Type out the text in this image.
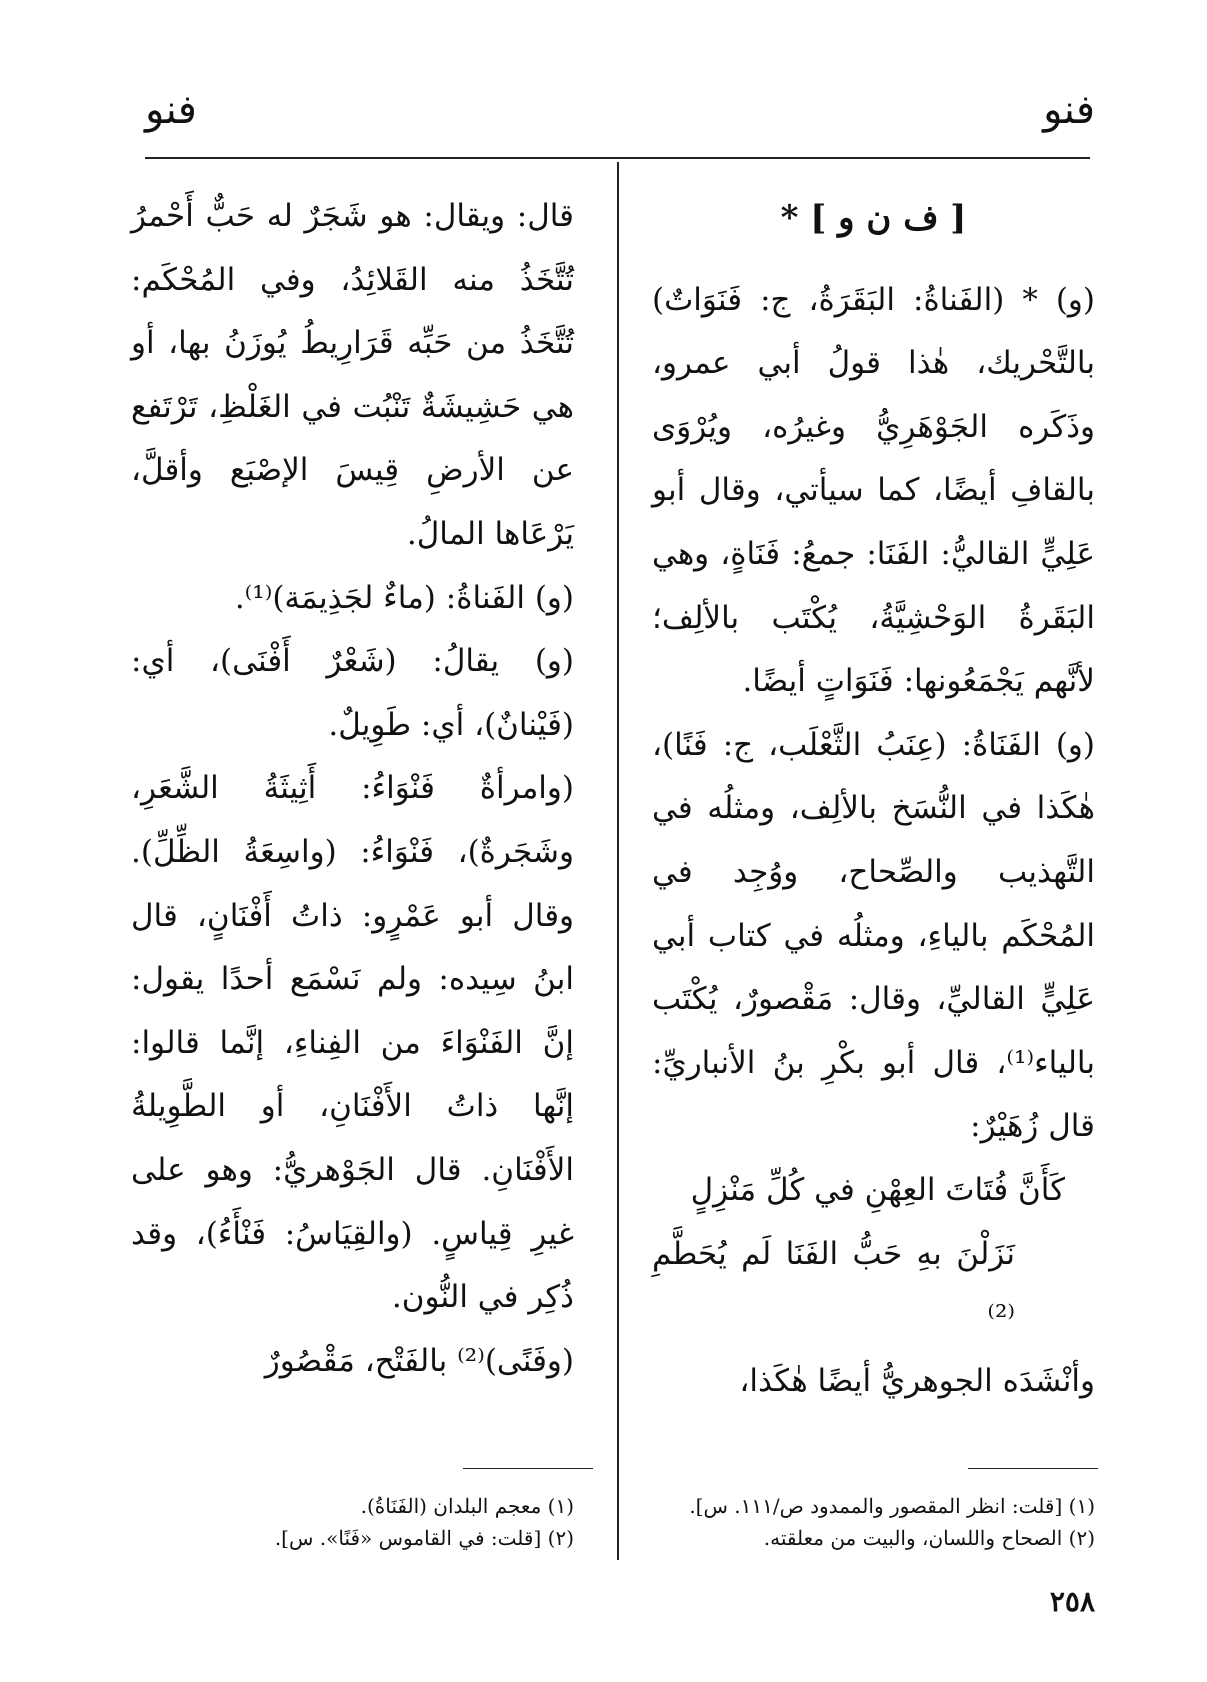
فنو
فنو
[ ف ن و ] *

(و) * (الفَناةُ: البَقَرَةُ، ج: فَنَوَاتٌ) بالتَّحْريك، هٰذا قولُ أبي عمرو، وذَكَره الجَوْهَرِيُّ وغيرُه، ويُرْوَى بالقافِ أيضًا، كما سيأتي، وقال أبو عَلِيٍّ القاليُّ: الفَنَا: جمعُ: فَنَاةٍ، وهي البَقَرةُ الوَحْشِيَّةُ، يُكْتَب بالألِف؛ لأنَّهم يَجْمَعُونها: فَنَوَاتٍ أيضًا.

(و) الفَنَاةُ: (عِنَبُ الثَّعْلَب، ج: فَنًا)، هٰكَذا في النُّسَخ بالألِف، ومثلُه في التَّهذيب والصِّحاح، ووُجِد في المُحْكَم بالياءِ، ومثلُه في كتاب أبي عَلِيٍّ القاليِّ، وقال: مَقْصورٌ، يُكْتَب بالياء⁽¹⁾، قال أبو بكْرِ بنُ الأنباريِّ: قال زُهَيْرٌ:

كَأَنَّ فُتَاتَ العِهْنِ في كُلِّ مَنْزِلٍ

نَزَلْنَ بهِ حَبُّ الفَنَا لَم يُحَطَّمِ ⁽²⁾

وأنْشَدَه الجوهريُّ أيضًا هٰكَذا،

قال: ويقال: هو شَجَرٌ له حَبٌّ أَحْمرُ تُتَّخَذُ منه القَلائِدُ، وفي المُحْكَم: تُتَّخَذُ من حَبِّه قَرَارِيطُ يُوزَنُ بها، أو هي حَشِيشَةٌ تَنْبُت في الغَلْظِ، تَرْتَفع عن الأرضِ قِيسَ الإصْبَع وأقلَّ، يَرْعَاها المالُ.

(و) الفَناةُ: (ماءٌ لجَذِيمَة)⁽¹⁾.

(و) يقالُ: (شَعْرٌ أَفْنَى)، أي: (فَيْنانٌ)، أي: طَوِيلٌ.

(وامرأةٌ فَنْوَاءُ: أَثِيثَةُ الشَّعَرِ، وشَجَرةٌ)، فَنْوَاءُ: (واسِعَةُ الظِّلِّ). وقال أبو عَمْرٍو: ذاتُ أَفْنَانٍ، قال ابنُ سِيده: ولم نَسْمَع أحدًا يقول: إنَّ الفَنْوَاءَ من الفِناءِ، إنَّما قالوا: إنَّها ذاتُ الأَفْنَانِ، أو الطَّوِيلةُ الأَفْنَانِ. قال الجَوْهريُّ: وهو على غيرِ قِياسٍ. (والقِيَاسُ: فَنْأَءُ)، وقد ذُكِر في النُّون.

(وفَنًى)⁽²⁾ بالفَتْح، مَقْصُورٌ

(١) [قلت: انظر المقصور والممدود ص/١١١. س].

(٢) الصحاح واللسان، والبيت من معلقته.

(١) معجم البلدان (الفَنَاةُ).

(٢) [قلت: في القاموس «فَنًا». س].

٢٥٨
